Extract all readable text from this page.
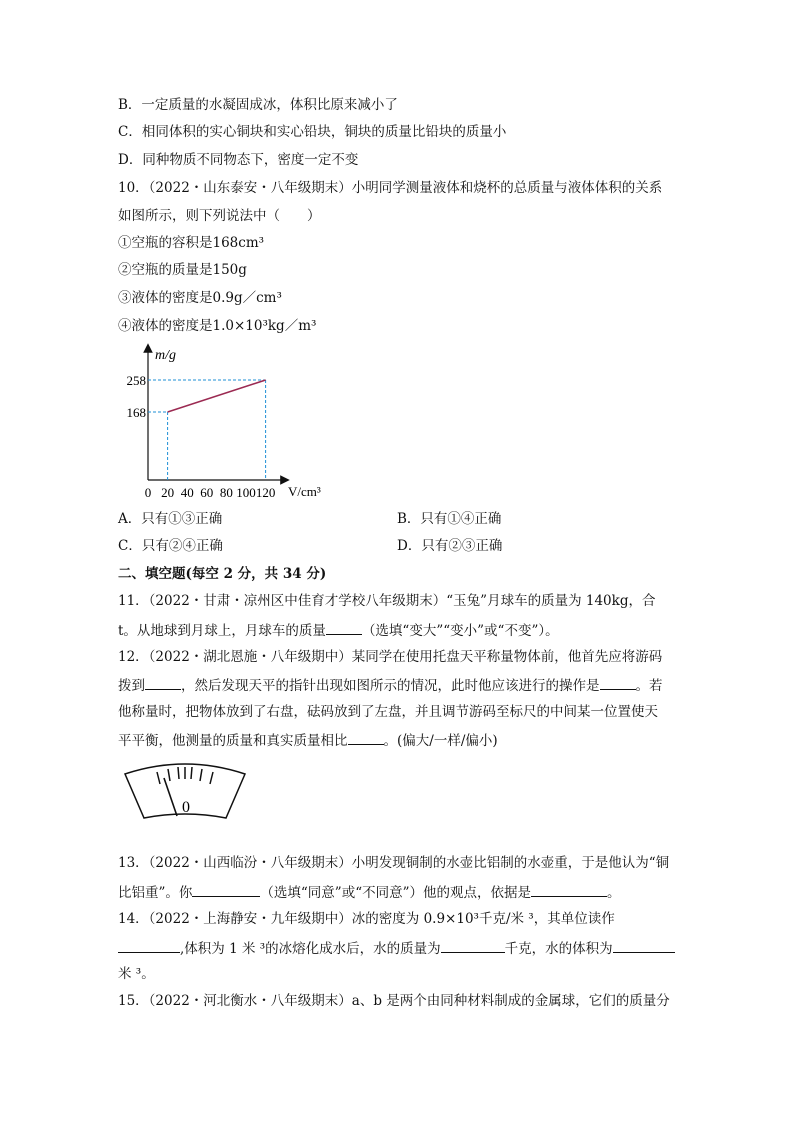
B．一定质量的水凝固成冰，体积比原来减小了
C．相同体积的实心铜块和实心铅块，铜块的质量比铅块的质量小
D．同种物质不同物态下，密度一定不变
10．（2022・山东泰安・八年级期末）小明同学测量液体和烧杯的总质量与液体体积的关系
如图所示，则下列说法中（　　）
①空瓶的容积是168cm³
②空瓶的质量是150g
③液体的密度是0.9g／cm³
④液体的密度是1.0×10³kg／m³
m/g
V/cm³
168
258
0 20 40 60 80 100 120
A．只有①③正确	B．只有①④正确
C．只有②④正确	D．只有②③正确
二、填空题(每空 2 分，共 34 分)
11．（2022・甘肃・凉州区中佳育才学校八年级期末）“玉兔”月球车的质量为 140kg，合
t。从地球到月球上，月球车的质量	（选填“变大”“变小”或“不变”）。
12．（2022・湖北恩施・八年级期中）某同学在使用托盘天平称量物体前，他首先应将游码
拨到	，然后发现天平的指针出现如图所示的情况，此时他应该进行的操作是	。若
他称量时，把物体放到了右盘，砝码放到了左盘，并且调节游码至标尺的中间某一位置使天
平平衡，他测量的质量和真实质量相比	。(偏大/一样/偏小)
0
13．（2022・山西临汾・八年级期末）小明发现铜制的水壶比铝制的水壶重，于是他认为“铜
比铝重”。你	（选填“同意”或“不同意”）他的观点，依据是	。
14．（2022・上海静安・九年级期中）冰的密度为 0.9×10³千克/米 ³，其单位读作
,体积为 1 米 ³的冰熔化成水后，水的质量为	千克，水的体积为
米 ³。
15．（2022・河北衡水・八年级期末）a、b 是两个由同种材料制成的金属球，它们的质量分
